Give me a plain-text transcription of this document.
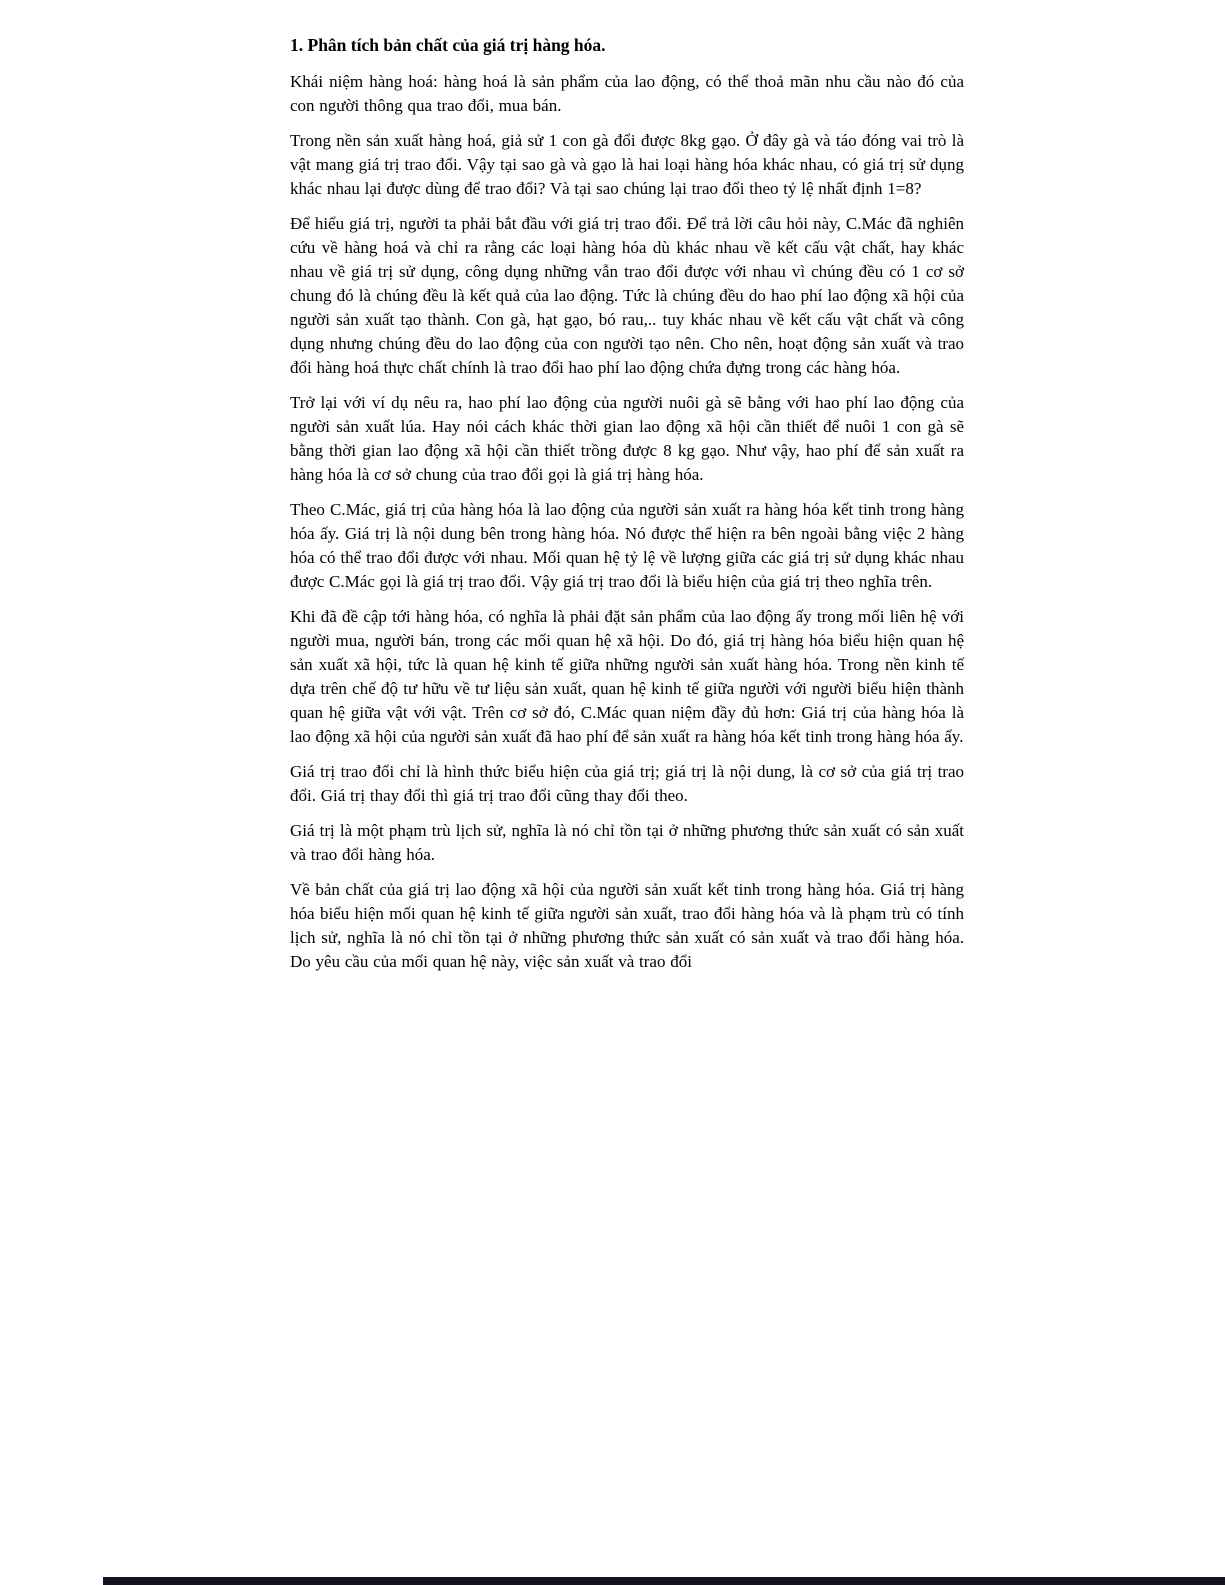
1. Phân tích bản chất của giá trị hàng hóa.

Khái niệm hàng hoá: hàng hoá là sản phẩm của lao động, có thể thoả mãn nhu cầu nào đó của con người thông qua trao đổi, mua bán.

Trong nền sản xuất hàng hoá, giả sử 1 con gà đổi được 8kg gạo. Ở đây gà và táo đóng vai trò là vật mang giá trị trao đổi. Vậy tại sao gà và gạo là hai loại hàng hóa khác nhau, có giá trị sử dụng khác nhau lại được dùng để trao đổi? Và tại sao chúng lại trao đổi theo tỷ lệ nhất định 1=8?

Để hiểu giá trị, người ta phải bắt đầu với giá trị trao đổi. Để trả lời câu hỏi này, C.Mác đã nghiên cứu về hàng hoá và chỉ ra rằng các loại hàng hóa dù khác nhau về kết cấu vật chất, hay khác nhau về giá trị sử dụng, công dụng những vẫn trao đổi được với nhau vì chúng đều có 1 cơ sở chung đó là chúng đều là kết quả của lao động. Tức là chúng đều do hao phí lao động xã hội của người sản xuất tạo thành. Con gà, hạt gạo, bó rau,.. tuy khác nhau về kết cấu vật chất và công dụng nhưng chúng đều do lao động của con người tạo nên. Cho nên, hoạt động sản xuất và trao đổi hàng hoá thực chất chính là trao đổi hao phí lao động chứa đựng trong các hàng hóa.

Trở lại với ví dụ nêu ra, hao phí lao động của người nuôi gà sẽ bằng với hao phí lao động của người sản xuất lúa. Hay nói cách khác thời gian lao động xã hội cần thiết để nuôi 1 con gà sẽ bằng thời gian lao động xã hội cần thiết trồng được 8 kg gạo. Như vậy, hao phí để sản xuất ra hàng hóa là cơ sở chung của trao đổi gọi là giá trị hàng hóa.

Theo C.Mác, giá trị của hàng hóa là lao động của người sản xuất ra hàng hóa kết tinh trong hàng hóa ấy. Giá trị là nội dung bên trong hàng hóa. Nó được thể hiện ra bên ngoài bằng việc 2 hàng hóa có thể trao đổi được với nhau. Mối quan hệ tỷ lệ về lượng giữa các giá trị sử dụng khác nhau được C.Mác gọi là giá trị trao đổi. Vậy giá trị trao đổi là biểu hiện của giá trị theo nghĩa trên.

Khi đã đề cập tới hàng hóa, có nghĩa là phải đặt sản phẩm của lao động ấy trong mối liên hệ với người mua, người bán, trong các mối quan hệ xã hội. Do đó, giá trị hàng hóa biểu hiện quan hệ sản xuất xã hội, tức là quan hệ kinh tế giữa những người sản xuất hàng hóa. Trong nền kinh tế dựa trên chế độ tư hữu về tư liệu sản xuất, quan hệ kinh tế giữa người với người biểu hiện thành quan hệ giữa vật với vật. Trên cơ sở đó, C.Mác quan niệm đầy đủ hơn: Giá trị của hàng hóa là lao động xã hội của người sản xuất đã hao phí để sản xuất ra hàng hóa kết tinh trong hàng hóa ấy.

Giá trị trao đổi chỉ là hình thức biểu hiện của giá trị; giá trị là nội dung, là cơ sở của giá trị trao đổi. Giá trị thay đổi thì giá trị trao đổi cũng thay đổi theo.

Giá trị là một phạm trù lịch sử, nghĩa là nó chỉ tồn tại ở những phương thức sản xuất có sản xuất và trao đổi hàng hóa.

Về bản chất của giá trị lao động xã hội của người sản xuất kết tinh trong hàng hóa. Giá trị hàng hóa biểu hiện mối quan hệ kinh tế giữa người sản xuất, trao đổi hàng hóa và là phạm trù có tính lịch sử, nghĩa là nó chỉ tồn tại ở những phương thức sản xuất có sản xuất và trao đổi hàng hóa. Do yêu cầu của mối quan hệ này, việc sản xuất và trao đổi
